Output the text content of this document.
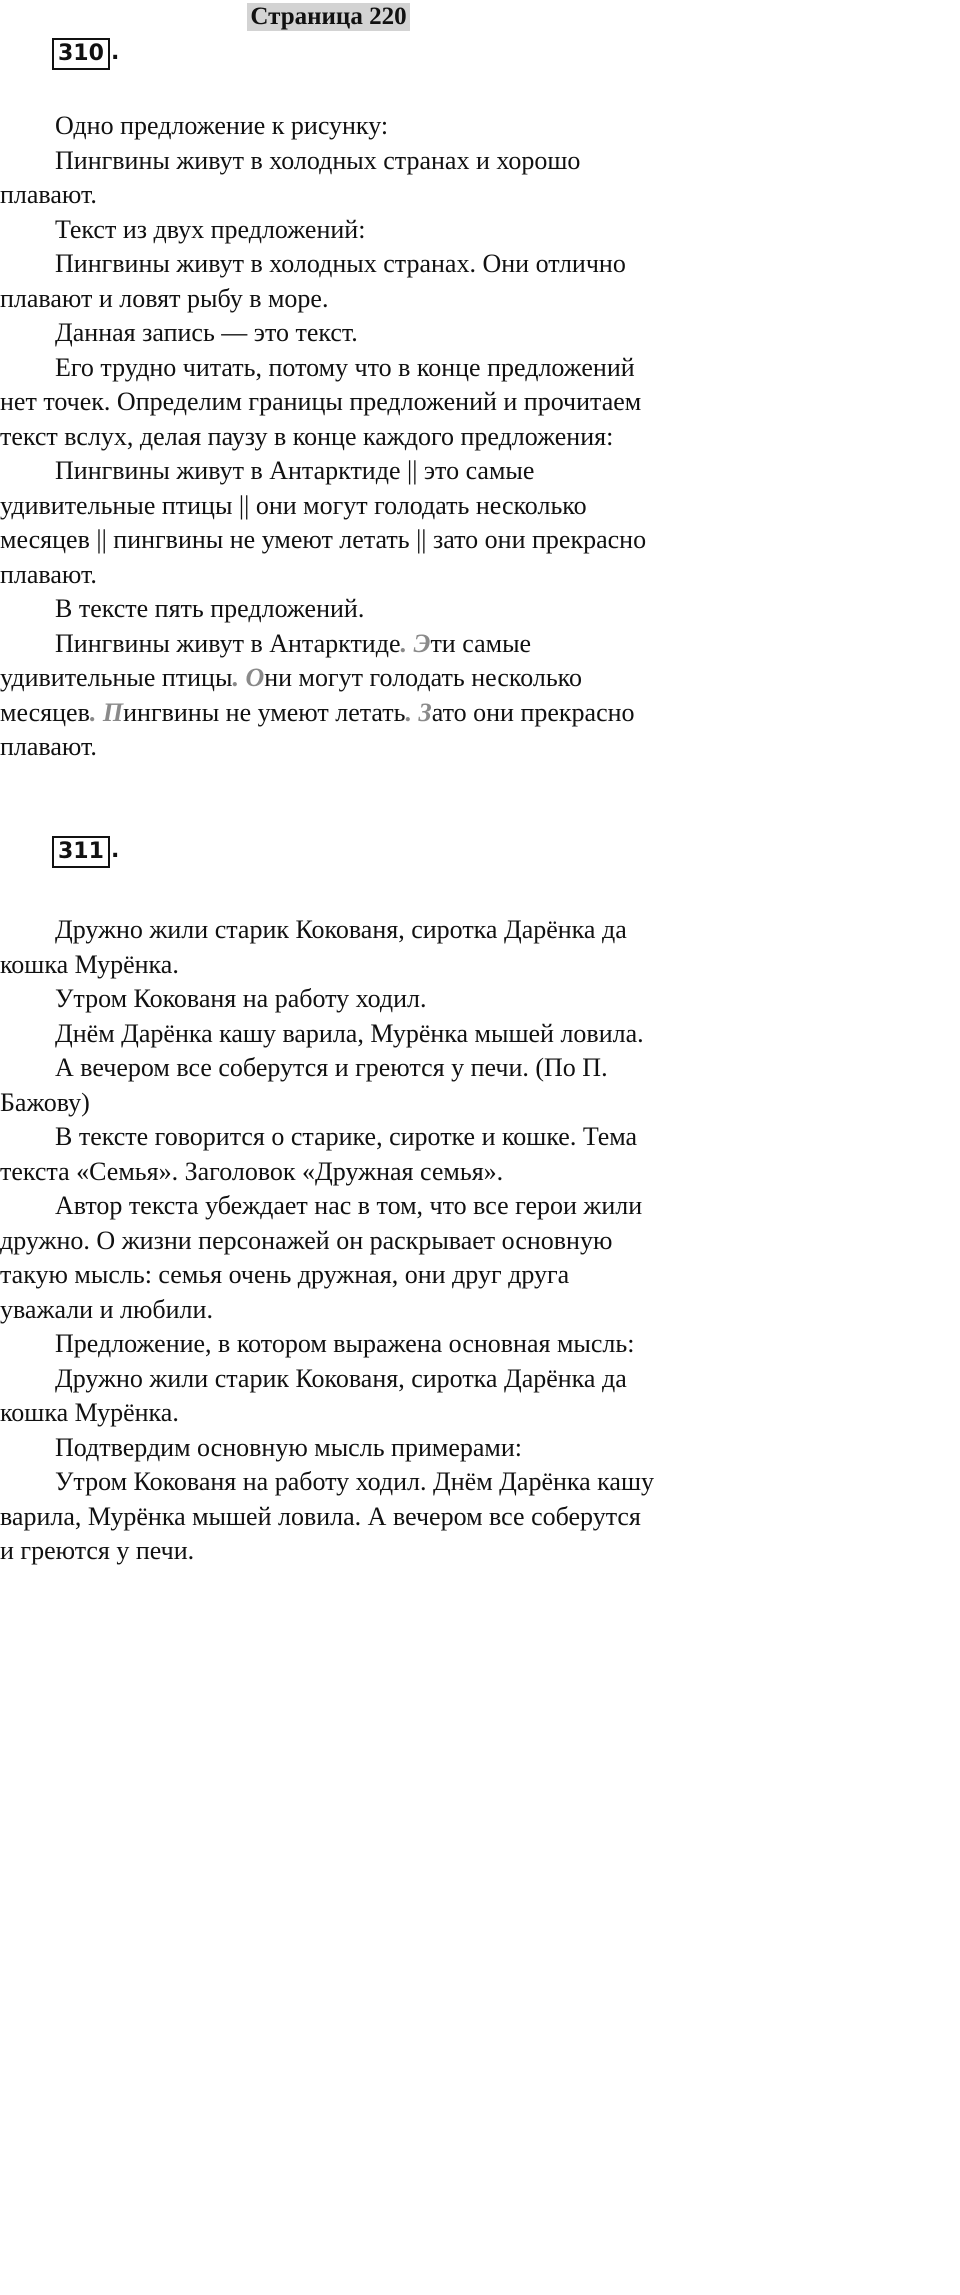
Страница 220
310 .

Одно предложение к рисунку:

Пингвины живут в холодных странах и хорошо плавают.

Текст из двух предложений:

Пингвины живут в холодных странах. Они отлично плавают и ловят рыбу в море.

Данная запись — это текст.

Его трудно читать, потому что в конце предложений нет точек. Определим границы предложений и прочитаем текст вслух, делая паузу в конце каждого предложения:

Пингвины живут в Антарктиде || это самые удивительные птицы || они могут голодать несколько месяцев || пингвины не умеют летать || зато они прекрасно плавают.

В тексте пять предложений.

Пингвины живут в Антарктиде. Эти самые удивительные птицы. Они могут голодать несколько месяцев. Пингвины не умеют летать. Зато они прекрасно плавают.

311 .

Дружно жили старик Кокованя, сиротка Дарёнка да кошка Мурёнка.

Утром Кокованя на работу ходил.

Днём Дарёнка кашу варила, Мурёнка мышей ловила.

А вечером все соберутся и греются у печи. (По П. Бажову)

В тексте говорится о старике, сиротке и кошке. Тема текста «Семья». Заголовок «Дружная семья».

Автор текста убеждает нас в том, что все герои жили дружно. О жизни персонажей он раскрывает основную такую мысль: семья очень дружная, они друг друга уважали и любили.

Предложение, в котором выражена основная мысль:

Дружно жили старик Кокованя, сиротка Дарёнка да кошка Мурёнка.

Подтвердим основную мысль примерами:

Утром Кокованя на работу ходил. Днём Дарёнка кашу варила, Мурёнка мышей ловила. А вечером все соберутся и греются у печи.
